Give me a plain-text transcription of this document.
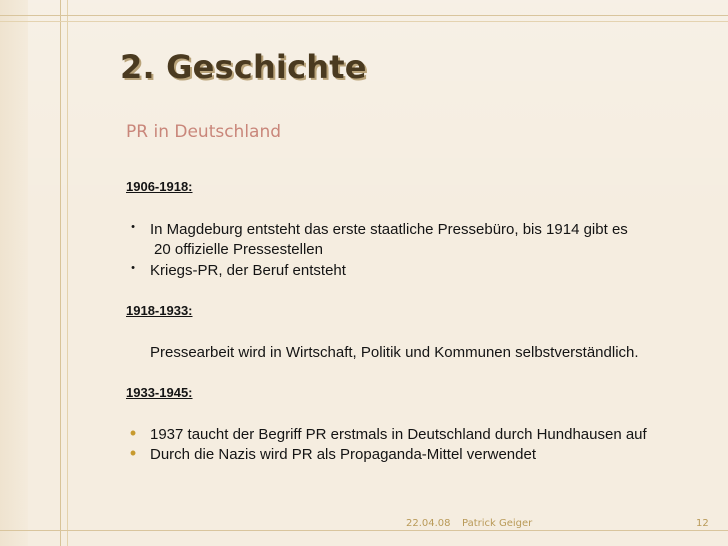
2. Geschichte
PR in Deutschland
1906-1918:
•	In Magdeburg entsteht das erste staatliche Pressebüro, bis 1914 gibt es
20 offizielle Pressestellen
•	Kriegs-PR, der Beruf entsteht
1918-1933:
Pressearbeit wird in Wirtschaft, Politik und Kommunen selbstverständlich.
1933-1945:
• 1937 taucht der Begriff PR erstmals in Deutschland durch Hundhausen auf
• Durch die Nazis wird PR als Propaganda-Mittel verwendet
22.04.08 Patrick Geiger	12
